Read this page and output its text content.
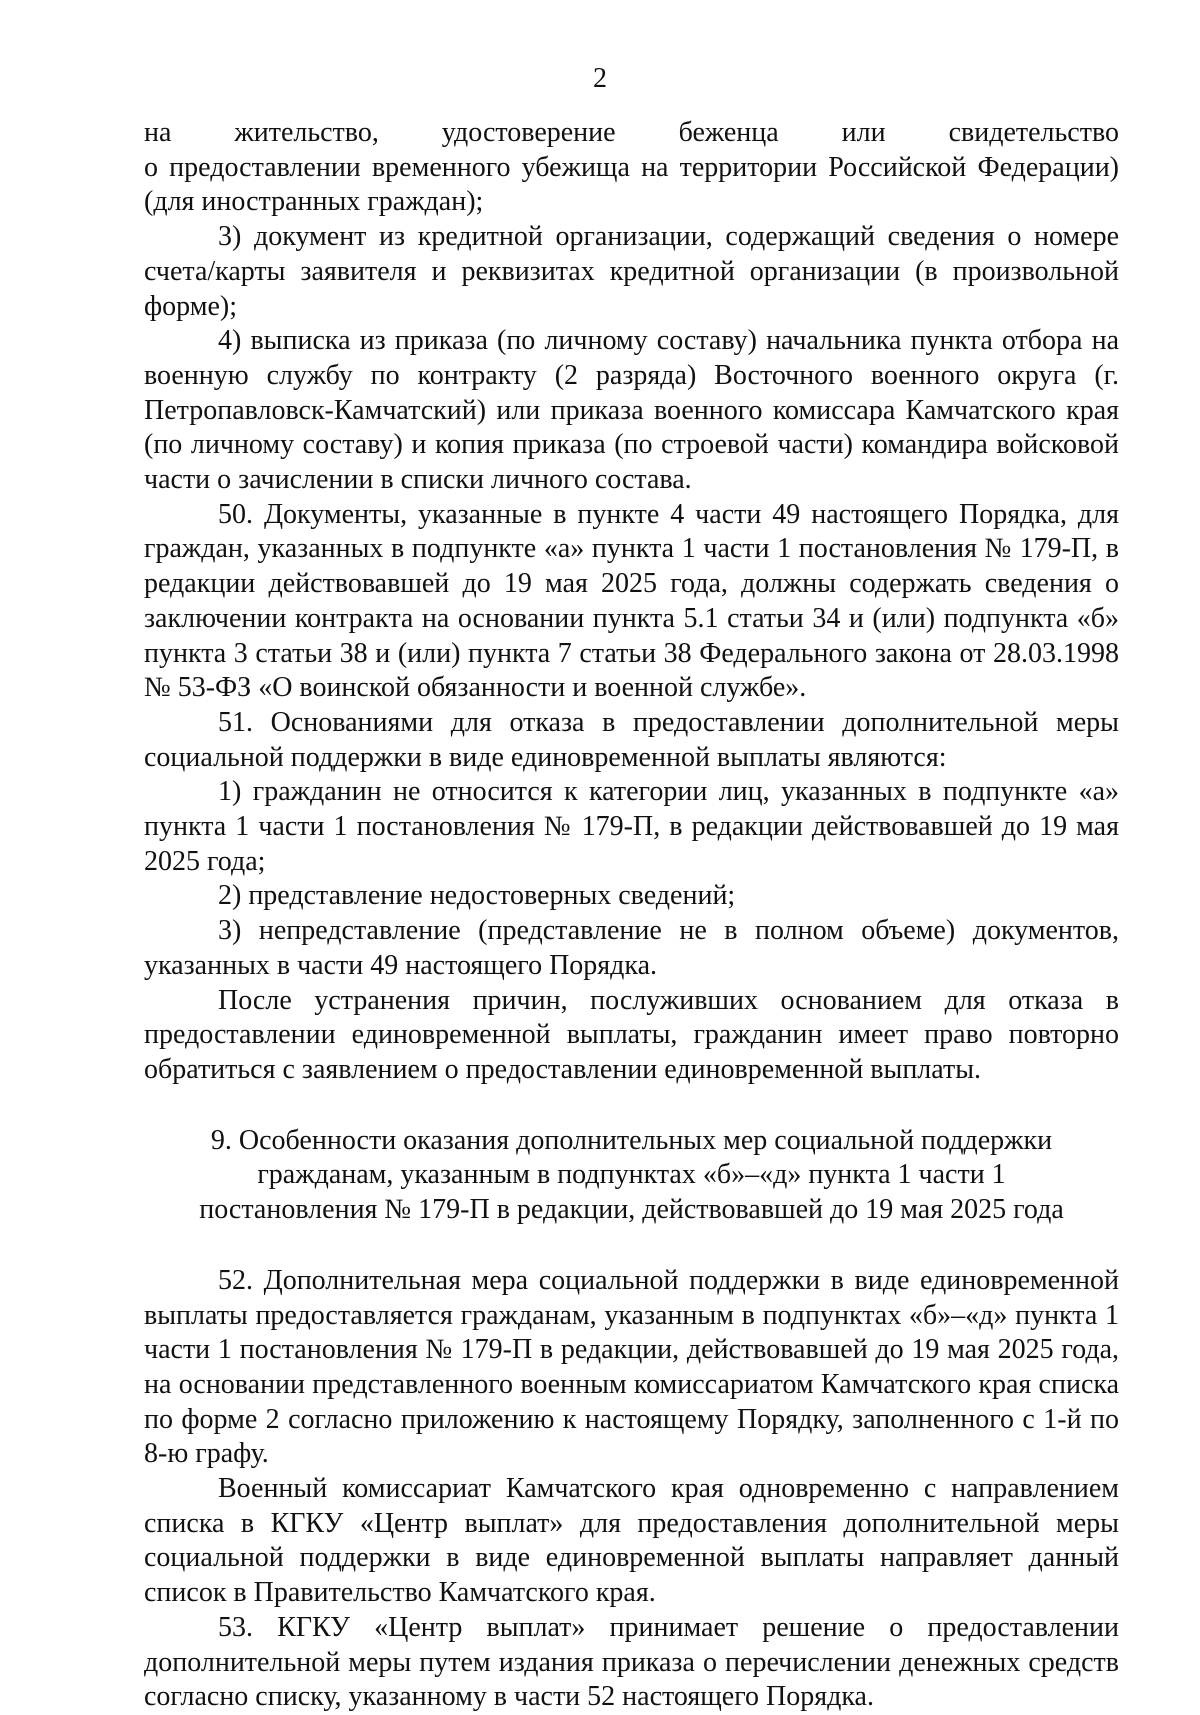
2
на жительство, удостоверение беженца или свидетельство
о предоставлении временного убежища на территории Российской Федерации) (для иностранных граждан);

3) документ из кредитной организации, содержащий сведения о номере счета/карты заявителя и реквизитах кредитной организации (в произвольной форме);

4) выписка из приказа (по личному составу) начальника пункта отбора на военную службу по контракту (2 разряда) Восточного военного округа (г. Петропавловск-Камчатский) или приказа военного комиссара Камчатского края (по личному составу) и копия приказа (по строевой части) командира войсковой части о зачислении в списки личного состава.

50. Документы, указанные в пункте 4 части 49 настоящего Порядка, для граждан, указанных в подпункте «а» пункта 1 части 1 постановления № 179-П, в редакции действовавшей до 19 мая 2025 года, должны содержать сведения о заключении контракта на основании пункта 5.1 статьи 34 и (или) подпункта «б» пункта 3 статьи 38 и (или) пункта 7 статьи 38 Федерального закона от 28.03.1998 № 53-ФЗ «О воинской обязанности и военной службе».

51. Основаниями для отказа в предоставлении дополнительной меры социальной поддержки в виде единовременной выплаты являются:

1) гражданин не относится к категории лиц, указанных в подпункте «а» пункта 1 части 1 постановления № 179-П, в редакции действовавшей до 19 мая 2025 года;

2) представление недостоверных сведений;

3) непредставление (представление не в полном объеме) документов, указанных в части 49 настоящего Порядка.

После устранения причин, послуживших основанием для отказа в предоставлении единовременной выплаты, гражданин имеет право повторно обратиться с заявлением о предоставлении единовременной выплаты.

9. Особенности оказания дополнительных мер социальной поддержки гражданам, указанным в подпунктах «б»–«д» пункта 1 части 1 постановления № 179-П в редакции, действовавшей до 19 мая 2025 года

52. Дополнительная мера социальной поддержки в виде единовременной выплаты предоставляется гражданам, указанным в подпунктах «б»–«д» пункта 1 части 1 постановления № 179-П в редакции, действовавшей до 19 мая 2025 года, на основании представленного военным комиссариатом Камчатского края списка по форме 2 согласно приложению к настоящему Порядку, заполненного с 1-й по 8-ю графу.

Военный комиссариат Камчатского края одновременно с направлением списка в КГКУ «Центр выплат» для предоставления дополнительной меры социальной поддержки в виде единовременной выплаты направляет данный список в Правительство Камчатского края.

53. КГКУ «Центр выплат» принимает решение о предоставлении дополнительной меры путем издания приказа о перечислении денежных средств согласно списку, указанному в части 52 настоящего Порядка.
